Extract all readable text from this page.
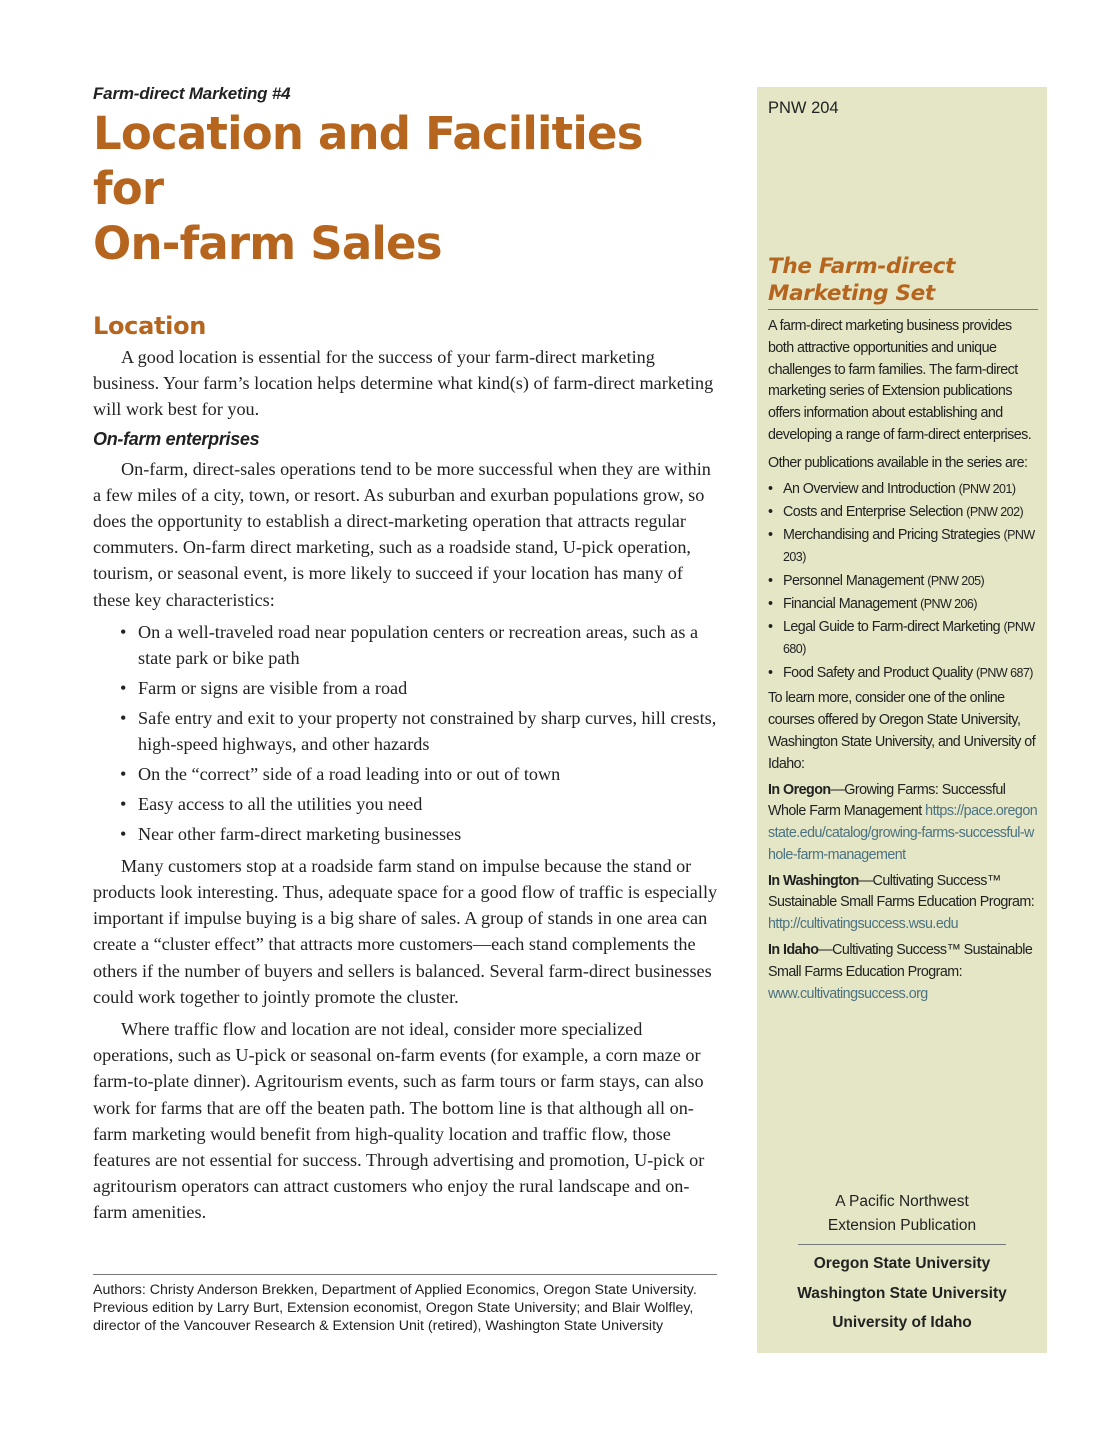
Farm-direct Marketing #4

Location and Facilities for
On-farm Sales
Location

A good location is essential for the success of your farm-direct marketing business. Your farm’s location helps determine what kind(s) of farm-direct marketing will work best for you.

On-farm enterprises

On-farm, direct-sales operations tend to be more successful when they are within a few miles of a city, town, or resort. As suburban and exurban populations grow, so does the opportunity to establish a direct-marketing operation that attracts regular commuters. On-farm direct marketing, such as a roadside stand, U-pick operation, tourism, or seasonal event, is more likely to succeed if your location has many of these key characteristics:

• On a well-traveled road near population centers or recreation areas, such as a state park or bike path
• Farm or signs are visible from a road
• Safe entry and exit to your property not constrained by sharp curves, hill crests, high-speed highways, and other hazards
• On the “correct” side of a road leading into or out of town
• Easy access to all the utilities you need
• Near other farm-direct marketing businesses

Many customers stop at a roadside farm stand on impulse because the stand or products look interesting. Thus, adequate space for a good flow of traffic is especially important if impulse buying is a big share of sales. A group of stands in one area can create a “cluster effect” that attracts more customers—each stand complements the others if the number of buyers and sellers is balanced. Several farm-direct businesses could work together to jointly promote the cluster.

Where traffic flow and location are not ideal, consider more specialized operations, such as U-pick or seasonal on-farm events (for example, a corn maze or farm-to-plate dinner). Agritourism events, such as farm tours or farm stays, can also work for farms that are off the beaten path. The bottom line is that although all on-farm marketing would benefit from high-quality location and traffic flow, those features are not essential for success. Through advertising and promotion, U-pick or agritourism operators can attract customers who enjoy the rural landscape and on-farm amenities.

Authors: Christy Anderson Brekken, Department of Applied Economics, Oregon State University. Previous edition by Larry Burt, Extension economist, Oregon State University; and Blair Wolfley, director of the Vancouver Research & Extension Unit (retired), Washington State University
PNW 204
The Farm-direct
Marketing Set

A farm-direct marketing business provides both attractive opportunities and unique challenges to farm families. The farm-direct marketing series of Extension publications offers information about establishing and developing a range of farm-direct enterprises.

Other publications available in the series are:

• An Overview and Introduction (PNW 201)
• Costs and Enterprise Selection (PNW 202)
• Merchandising and Pricing Strategies (PNW 203)
• Personnel Management (PNW 205)
• Financial Management (PNW 206)
• Legal Guide to Farm-direct Marketing (PNW 680)
• Food Safety and Product Quality (PNW 687)

To learn more, consider one of the online courses offered by Oregon State University, Washington State University, and University of Idaho:

In Oregon—Growing Farms: Successful Whole Farm Management https://pace.oregonstate.edu/catalog/growing-farms-successful-whole-farm-management

In Washington—Cultivating Success™ Sustainable Small Farms Education Program: http://cultivatingsuccess.wsu.edu

In Idaho—Cultivating Success™ Sustainable Small Farms Education Program: www.cultivatingsuccess.org

A Pacific Northwest
Extension Publication
Oregon State University
Washington State University
University of Idaho
